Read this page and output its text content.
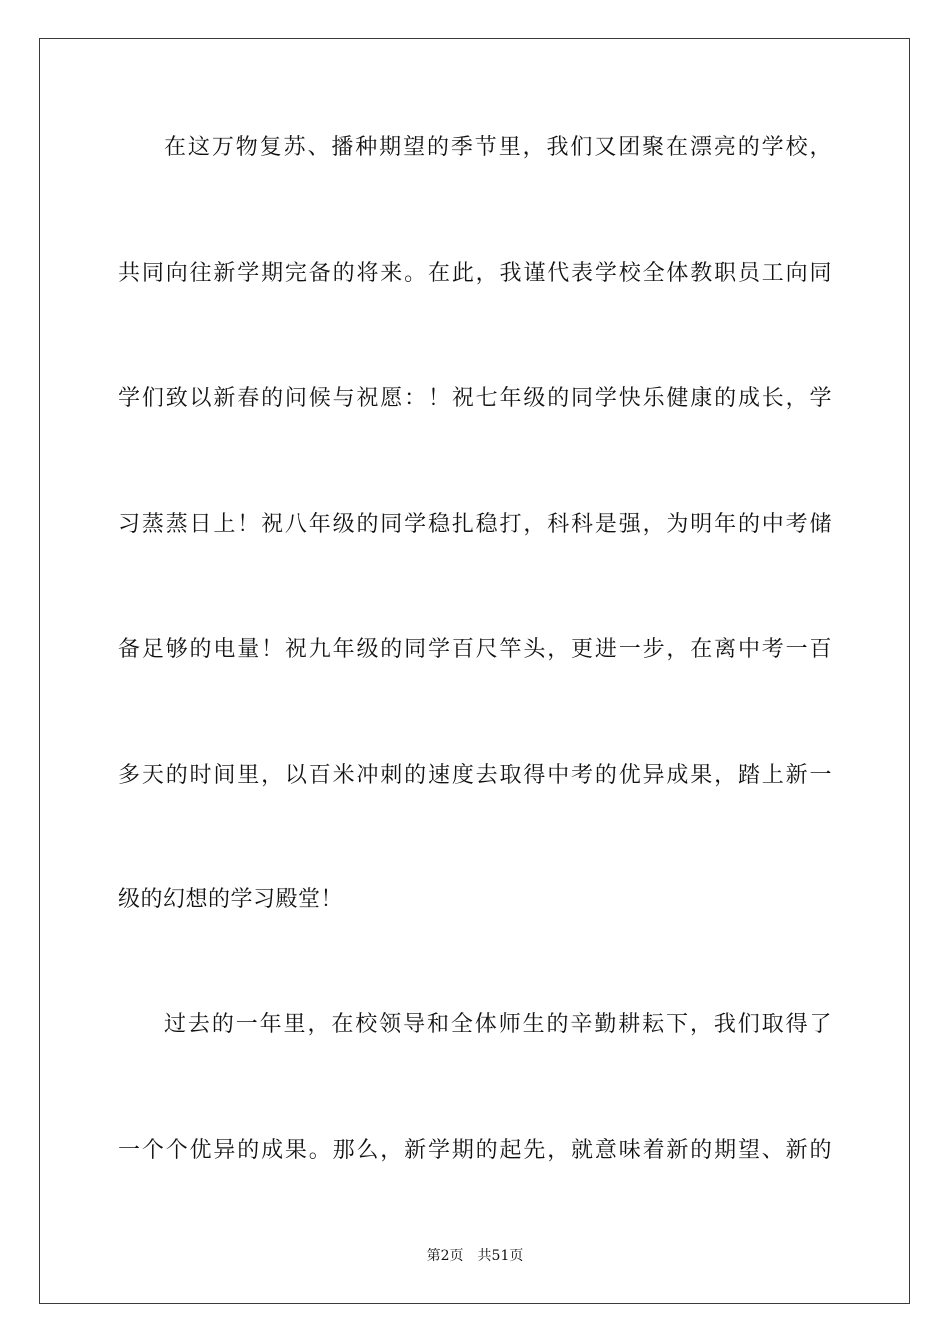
在这万物复苏、播种期望的季节里，我们又团聚在漂亮的学校，
共同向往新学期完备的将来。在此，我谨代表学校全体教职员工向同
学们致以新春的问候与祝愿：！祝七年级的同学快乐健康的成长，学
习蒸蒸日上！祝八年级的同学稳扎稳打，科科是强，为明年的中考储
备足够的电量！祝九年级的同学百尺竿头，更进一步，在离中考一百
多天的时间里，以百米冲刺的速度去取得中考的优异成果，踏上新一
级的幻想的学习殿堂！
过去的一年里，在校领导和全体师生的辛勤耕耘下，我们取得了
一个个优异的成果。那么，新学期的起先，就意味着新的期望、新的
第2页 共51页
